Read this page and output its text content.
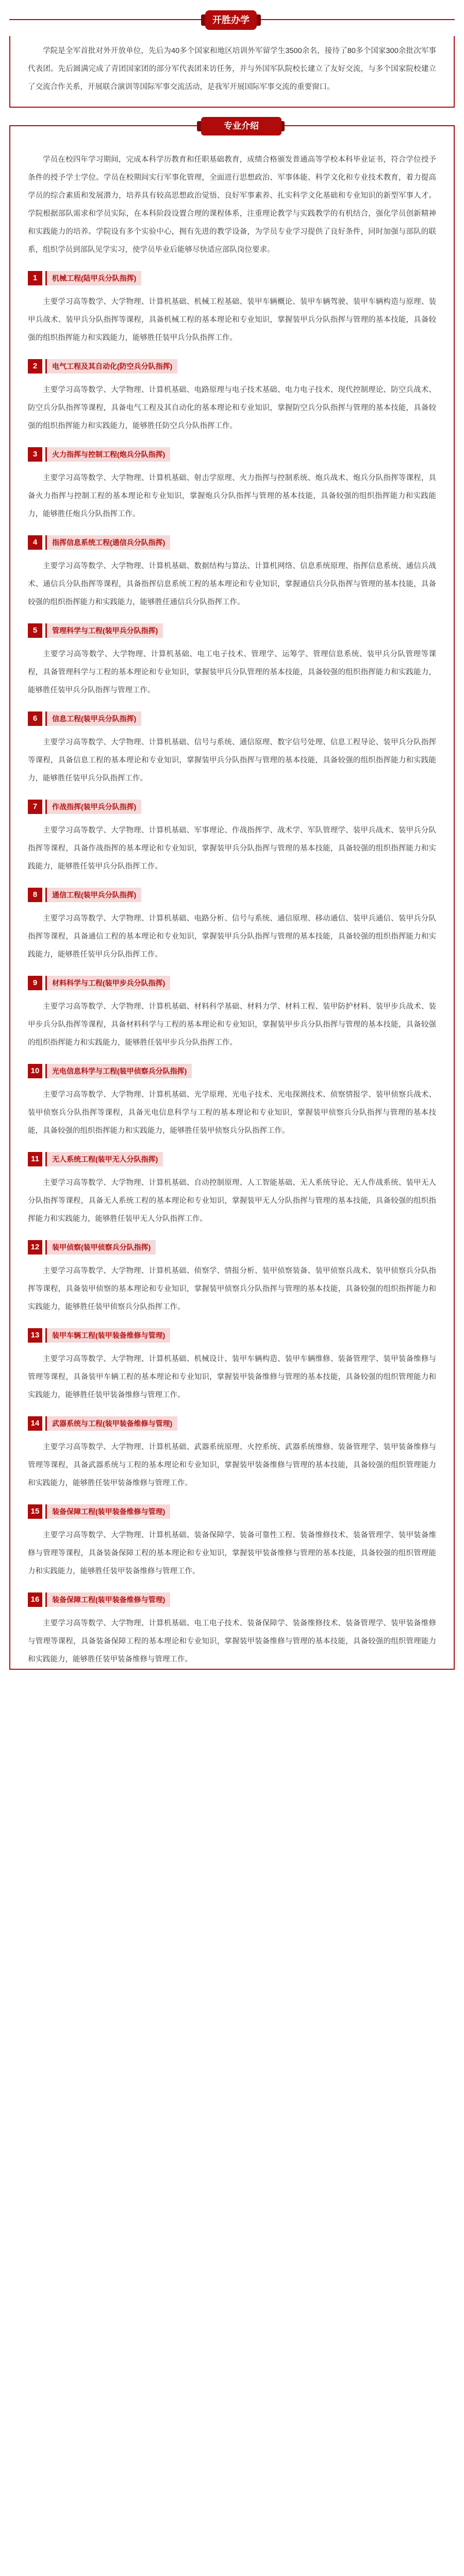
开胜办学

学院是全军首批对外开放单位，先后为40多个国家和地区培训外军留学生3500余名，接待了80多个国家300余批次军事代表团。先后圆满完成了青团国家团的部分军代表团来访任务，并与外国军队院校长建立了友好交流，与多个国家院校建立了交流合作关系，开展联合演训等国际军事交流活动，是我军开展国际军事交流的重要窗口。

专业介绍

学员在校四年学习期间，完成本科学历教育和任职基础教育，成绩合格颁发普通高等学校本科毕业证书，符合学位授予条件的授予学士学位。学员在校期间实行军事化管理，全面进行思想政治、军事体能、科学文化和专业技术教育，着力提高学员的综合素质和发展潜力，培养具有较高思想政治觉悟、良好军事素养、扎实科学文化基础和专业知识的新型军事人才。学院根据部队需求和学员实际，在本科阶段设置合理的课程体系，注重理论教学与实践教学的有机结合，强化学员创新精神和实践能力的培养。学院设有多个实验中心，拥有先进的教学设备，为学员专业学习提供了良好条件，同时加强与部队的联系，组织学员到部队见学实习，使学员毕业后能够尽快适应部队岗位要求。

1	机械工程(陆甲兵分队指挥)

主要学习高等数学、大学物理、计算机基础、机械工程基础、装甲车辆概论、装甲车辆驾驶、装甲车辆构造与原理、装甲兵战术、装甲兵分队指挥等课程，具备机械工程的基本理论和专业知识，掌握装甲兵分队指挥与管理的基本技能，具备较强的组织指挥能力和实践能力，能够胜任装甲兵分队指挥工作。

2	电气工程及其自动化(防空兵分队指挥)

主要学习高等数学、大学物理、计算机基础、电路原理与电子技术基础、电力电子技术、现代控制理论、防空兵战术、防空兵分队指挥等课程，具备电气工程及其自动化的基本理论和专业知识，掌握防空兵分队指挥与管理的基本技能，具备较强的组织指挥能力和实践能力，能够胜任防空兵分队指挥工作。

3	火力指挥与控制工程(炮兵分队指挥)

主要学习高等数学、大学物理、计算机基础、射击学原理、火力指挥与控制系统、炮兵战术、炮兵分队指挥等课程，具备火力指挥与控制工程的基本理论和专业知识，掌握炮兵分队指挥与管理的基本技能，具备较强的组织指挥能力和实践能力，能够胜任炮兵分队指挥工作。

4	指挥信息系统工程(通信兵分队指挥)

主要学习高等数学、大学物理、计算机基础、数据结构与算法、计算机网络、信息系统原理、指挥信息系统、通信兵战术、通信兵分队指挥等课程，具备指挥信息系统工程的基本理论和专业知识，掌握通信兵分队指挥与管理的基本技能，具备较强的组织指挥能力和实践能力，能够胜任通信兵分队指挥工作。

5	管理科学与工程(装甲兵分队指挥)

主要学习高等数学、大学物理、计算机基础、电工电子技术、管理学、运筹学、管理信息系统、装甲兵分队管理等课程，具备管理科学与工程的基本理论和专业知识，掌握装甲兵分队管理的基本技能，具备较强的组织指挥能力和实践能力，能够胜任装甲兵分队指挥与管理工作。

6	信息工程(装甲兵分队指挥)

主要学习高等数学、大学物理、计算机基础、信号与系统、通信原理、数字信号处理、信息工程导论、装甲兵分队指挥等课程，具备信息工程的基本理论和专业知识，掌握装甲兵分队指挥与管理的基本技能，具备较强的组织指挥能力和实践能力，能够胜任装甲兵分队指挥工作。

7	作战指挥(装甲兵分队指挥)

主要学习高等数学、大学物理、计算机基础、军事理论、作战指挥学、战术学、军队管理学、装甲兵战术、装甲兵分队指挥等课程，具备作战指挥的基本理论和专业知识，掌握装甲兵分队指挥与管理的基本技能，具备较强的组织指挥能力和实践能力，能够胜任装甲兵分队指挥工作。

8	通信工程(装甲兵分队指挥)

主要学习高等数学、大学物理、计算机基础、电路分析、信号与系统、通信原理、移动通信、装甲兵通信、装甲兵分队指挥等课程，具备通信工程的基本理论和专业知识，掌握装甲兵分队指挥与管理的基本技能，具备较强的组织指挥能力和实践能力，能够胜任装甲兵分队指挥工作。

9	材料科学与工程(装甲步兵分队指挥)

主要学习高等数学、大学物理、计算机基础、材料科学基础、材料力学、材料工程、装甲防护材料、装甲步兵战术、装甲步兵分队指挥等课程，具备材料科学与工程的基本理论和专业知识，掌握装甲步兵分队指挥与管理的基本技能，具备较强的组织指挥能力和实践能力，能够胜任装甲步兵分队指挥工作。

10	光电信息科学与工程(装甲侦察兵分队指挥)

主要学习高等数学、大学物理、计算机基础、光学原理、光电子技术、光电探测技术、侦察情报学、装甲侦察兵战术、装甲侦察兵分队指挥等课程，具备光电信息科学与工程的基本理论和专业知识，掌握装甲侦察兵分队指挥与管理的基本技能，具备较强的组织指挥能力和实践能力，能够胜任装甲侦察兵分队指挥工作。

11	无人系统工程(装甲无人分队指挥)

主要学习高等数学、大学物理、计算机基础、自动控制原理、人工智能基础、无人系统导论、无人作战系统、装甲无人分队指挥等课程，具备无人系统工程的基本理论和专业知识，掌握装甲无人分队指挥与管理的基本技能，具备较强的组织指挥能力和实践能力，能够胜任装甲无人分队指挥工作。

12	装甲侦察(装甲侦察兵分队指挥)

主要学习高等数学、大学物理、计算机基础、侦察学、情报分析、装甲侦察装备、装甲侦察兵战术、装甲侦察兵分队指挥等课程，具备装甲侦察的基本理论和专业知识，掌握装甲侦察兵分队指挥与管理的基本技能，具备较强的组织指挥能力和实践能力，能够胜任装甲侦察兵分队指挥工作。

13	装甲车辆工程(装甲装备维修与管理)

主要学习高等数学、大学物理、计算机基础、机械设计、装甲车辆构造、装甲车辆维修、装备管理学、装甲装备维修与管理等课程，具备装甲车辆工程的基本理论和专业知识，掌握装甲装备维修与管理的基本技能，具备较强的组织管理能力和实践能力，能够胜任装甲装备维修与管理工作。

14	武器系统与工程(装甲装备维修与管理)

主要学习高等数学、大学物理、计算机基础、武器系统原理、火控系统、武器系统维修、装备管理学、装甲装备维修与管理等课程，具备武器系统与工程的基本理论和专业知识，掌握装甲装备维修与管理的基本技能，具备较强的组织管理能力和实践能力，能够胜任装甲装备维修与管理工作。

15	装备保障工程(装甲装备维修与管理)

主要学习高等数学、大学物理、计算机基础、装备保障学、装备可靠性工程、装备维修技术、装备管理学、装甲装备维修与管理等课程，具备装备保障工程的基本理论和专业知识，掌握装甲装备维修与管理的基本技能，具备较强的组织管理能力和实践能力，能够胜任装甲装备维修与管理工作。

16	装备保障工程(装甲装备维修与管理)

主要学习高等数学、大学物理、计算机基础、电工电子技术、装备保障学、装备维修技术、装备管理学、装甲装备维修与管理等课程，具备装备保障工程的基本理论和专业知识，掌握装甲装备维修与管理的基本技能，具备较强的组织管理能力和实践能力，能够胜任装甲装备维修与管理工作。
